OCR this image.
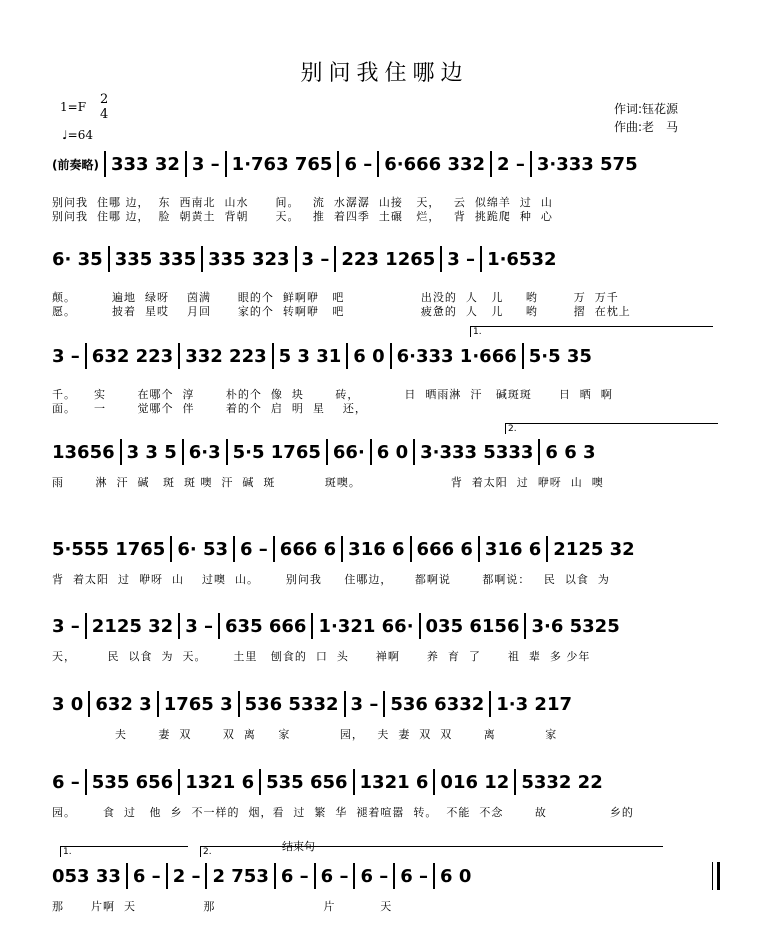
别问我住哪边
1=F 2
4
♩=64
作词:钰花源
作曲:老　马
(前奏略) 333 32 3 – 1·763 765 6 – 6·666 332 2 – 3·333 575
别问我  住哪 边，  东  西南北  山水      间。   流  水潺潺  山接   天，   云  似绵羊  过  山
别问我  住哪 边，  脸  朝黄土  背朝      天。   推  着四季  土碾   烂，   背  挑跪爬  种  心
6· 35 335 335 335 323 3 – 223 1265 3 – 1·6532
颠。        遍地  绿呀    茵满      眼的个  鲜啊咿   吧                 出没的  人   儿     哟        万  万千
愿。        披着  星哎    月回      家的个  转啊咿   吧                 疲惫的  人   儿     哟        摺  在枕上
3 – 632 223 332 223 5 3 31 6 0 6·333 1·666 5·5 35
千。    实       在哪个  淳       朴的个  像  块       砖，          日  晒雨淋  汗   碱斑斑      日  晒  啊
面。    一       觉哪个  伴       着的个  启  明  星    还，
13656 3 3 5 6·3 5·5 1765 66· 6 0 3·333 5333 6 6 3
雨       淋  汗  碱   斑  斑 噢  汗  碱  斑           斑噢。                    背  着太阳  过  咿呀  山  噢
5·555 1765 6· 53 6 – 666 6 316 6 666 6 316 6 2125 32
背  着太阳  过  咿呀  山    过噢  山。      别问我     住哪边，     都啊说       都啊说：   民  以食  为
3 – 2125 32 3 – 635 666 1·321 66· 035 6156 3·6 5325
天，       民  以食  为  天。      土里   刨食的  口  头      禅啊      养  育  了      祖  辈  多 少年
3 0 632 3 1765 3 536 5332 3 – 536 6332 1·3 217
夫       妻  双       双  离     家           园，   夫  妻  双  双       离           家
6 – 535 656 1321 6 535 656 1321 6 016 12 5332 22
园。      食  过   他  乡  不一样的  烟，看  过  繁  华  褪着喧嚣  转。  不能  不念       故              乡的
053 33 6 – 2 – 2 753 6 – 6 – 6 – 6 – 6 0
那      片啊  天               那                        片          天
1.
2.
1.	2.	结束句
